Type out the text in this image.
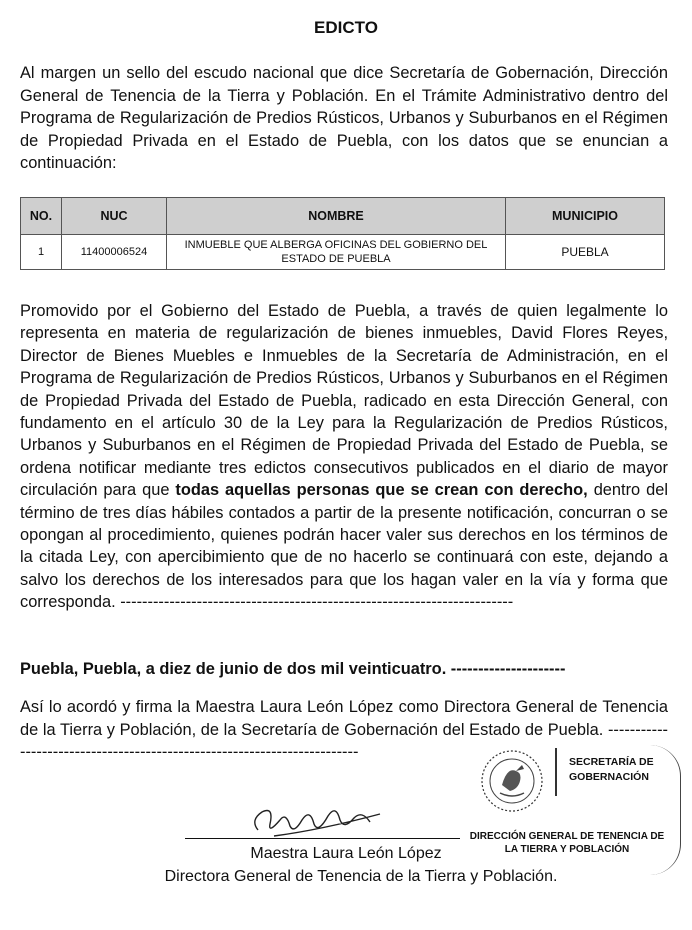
EDICTO
Al margen un sello del escudo nacional que dice Secretaría de Gobernación, Dirección General de Tenencia de la Tierra y Población. En el Trámite Administrativo dentro del Programa de Regularización de Predios Rústicos, Urbanos y Suburbanos en el Régimen de Propiedad Privada en el Estado de Puebla, con los datos que se enuncian a continuación:
NO.	NUC	NOMBRE	MUNICIPIO
1	11400006524	INMUEBLE QUE ALBERGA OFICINAS DEL GOBIERNO DEL ESTADO DE PUEBLA	PUEBLA
Promovido por el Gobierno del Estado de Puebla, a través de quien legalmente lo representa en materia de regularización de bienes inmuebles, David Flores Reyes, Director de Bienes Muebles e Inmuebles de la Secretaría de Administración, en el Programa de Regularización de Predios Rústicos, Urbanos y Suburbanos en el Régimen de Propiedad Privada del Estado de Puebla, radicado en esta Dirección General, con fundamento en el artículo 30 de la Ley para la Regularización de Predios Rústicos, Urbanos y Suburbanos en el Régimen de Propiedad Privada del Estado de Puebla, se ordena notificar mediante tres edictos consecutivos publicados en el diario de mayor circulación para que todas aquellas personas que se crean con derecho, dentro del término de tres días hábiles contados a partir de la presente notificación, concurran o se opongan al procedimiento, quienes podrán hacer valer sus derechos en los términos de la citada Ley, con apercibimiento que de no hacerlo se continuará con este, dejando a salvo los derechos de los interesados para que los hagan valer en la vía y forma que corresponda. ------------------------------------------------------------------------
Puebla, Puebla, a diez de junio de dos mil veinticuatro. ---------------------
Así lo acordó y firma la Maestra Laura León López como Directora General de Tenencia de la Tierra y Población, de la Secretaría de Gobernación del Estado de Puebla. -------------------------------------------------------------------------
SECRETARÍA DE GOBERNACIÓN
DIRECCIÓN GENERAL DE TENENCIA DE LA TIERRA Y POBLACIÓN
Maestra Laura León López
Directora General de Tenencia de la Tierra y Población.
